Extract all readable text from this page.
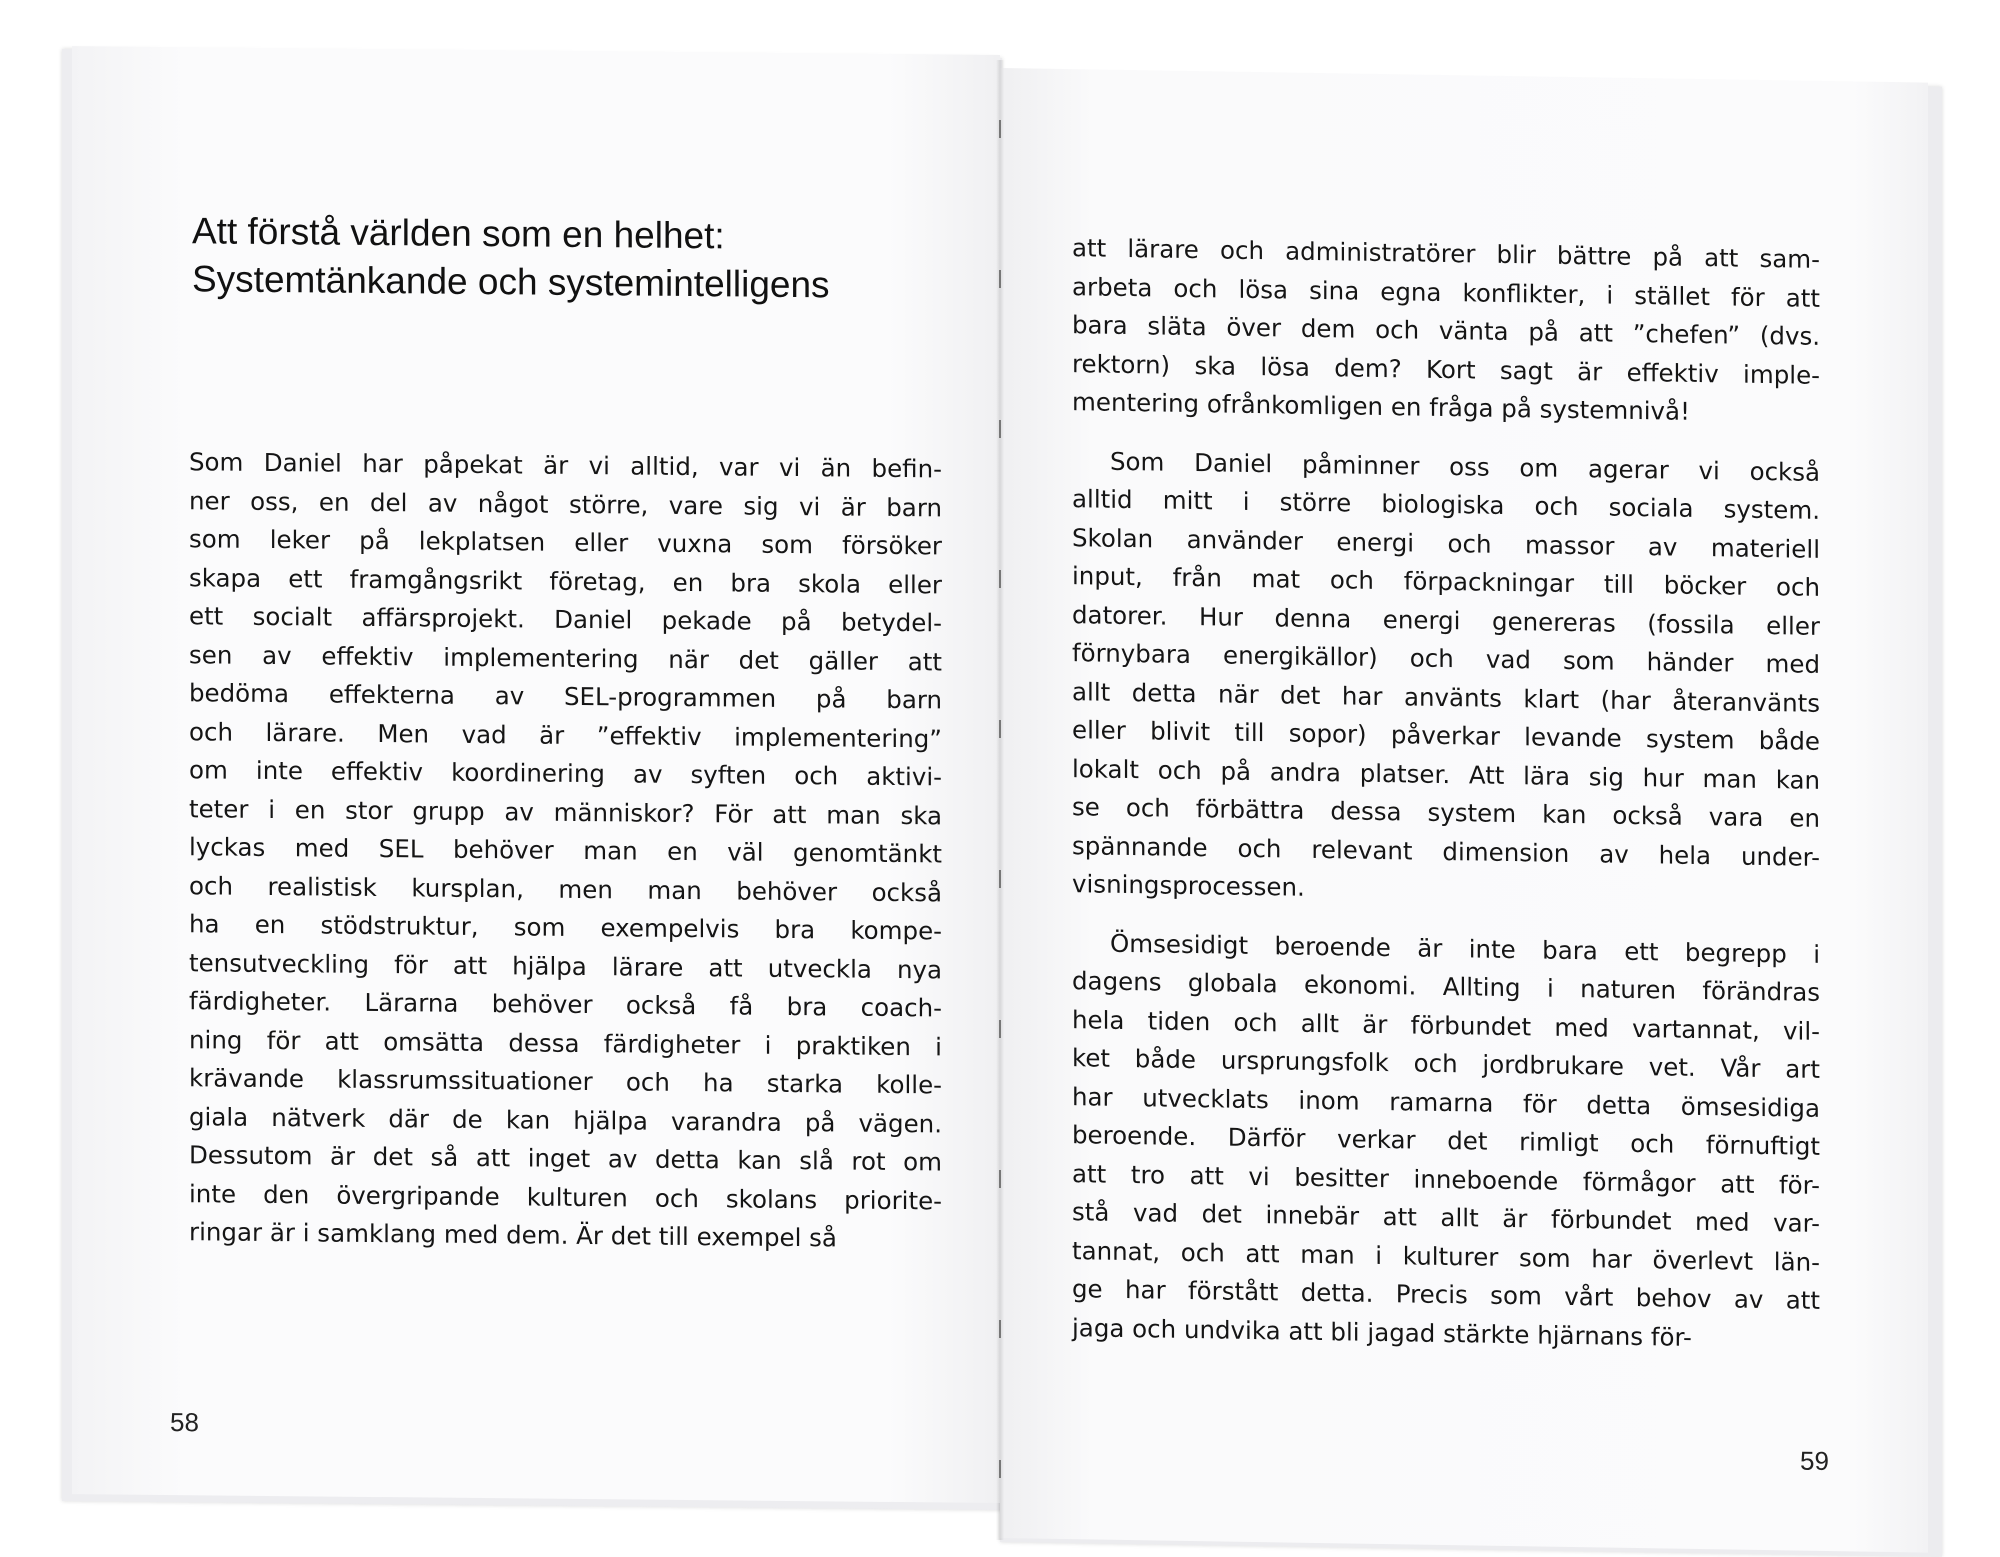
Att förstå världen som en helhet:
Systemtänkande och systemintelligens
Som Daniel har påpekat är vi alltid, var vi än befin-
ner oss, en del av något större, vare sig vi är barn
som leker på lekplatsen eller vuxna som försöker
skapa ett framgångsrikt företag, en bra skola eller
ett socialt affärsprojekt. Daniel pekade på betydel-
sen av effektiv implementering när det gäller att
bedöma effekterna av SEL-programmen på barn
och lärare. Men vad är ”effektiv implementering”
om inte effektiv koordinering av syften och aktivi-
teter i en stor grupp av människor? För att man ska
lyckas med SEL behöver man en väl genomtänkt
och realistisk kursplan, men man behöver också
ha en stödstruktur, som exempelvis bra kompe-
tensutveckling för att hjälpa lärare att utveckla nya
färdigheter. Lärarna behöver också få bra coach-
ning för att omsätta dessa färdigheter i praktiken i
krävande klassrumssituationer och ha starka kolle-
giala nätverk där de kan hjälpa varandra på vägen.
Dessutom är det så att inget av detta kan slå rot om
inte den övergripande kulturen och skolans priorite-
ringar är i samklang med dem. Är det till exempel så
58
att lärare och administratörer blir bättre på att sam-
arbeta och lösa sina egna konflikter, i stället för att
bara släta över dem och vänta på att ”chefen” (dvs.
rektorn) ska lösa dem? Kort sagt är effektiv imple-
mentering ofrånkomligen en fråga på systemnivå!
Som Daniel påminner oss om agerar vi också
alltid mitt i större biologiska och sociala system.
Skolan använder energi och massor av materiell
input, från mat och förpackningar till böcker och
datorer. Hur denna energi genereras (fossila eller
förnybara energikällor) och vad som händer med
allt detta när det har använts klart (har återanvänts
eller blivit till sopor) påverkar levande system både
lokalt och på andra platser. Att lära sig hur man kan
se och förbättra dessa system kan också vara en
spännande och relevant dimension av hela under-
visningsprocessen.
Ömsesidigt beroende är inte bara ett begrepp i
dagens globala ekonomi. Allting i naturen förändras
hela tiden och allt är förbundet med vartannat, vil-
ket både ursprungsfolk och jordbrukare vet. Vår art
har utvecklats inom ramarna för detta ömsesidiga
beroende. Därför verkar det rimligt och förnuftigt
att tro att vi besitter inneboende förmågor att för-
stå vad det innebär att allt är förbundet med var-
tannat, och att man i kulturer som har överlevt län-
ge har förstått detta. Precis som vårt behov av att
jaga och undvika att bli jagad stärkte hjärnans för-
59
